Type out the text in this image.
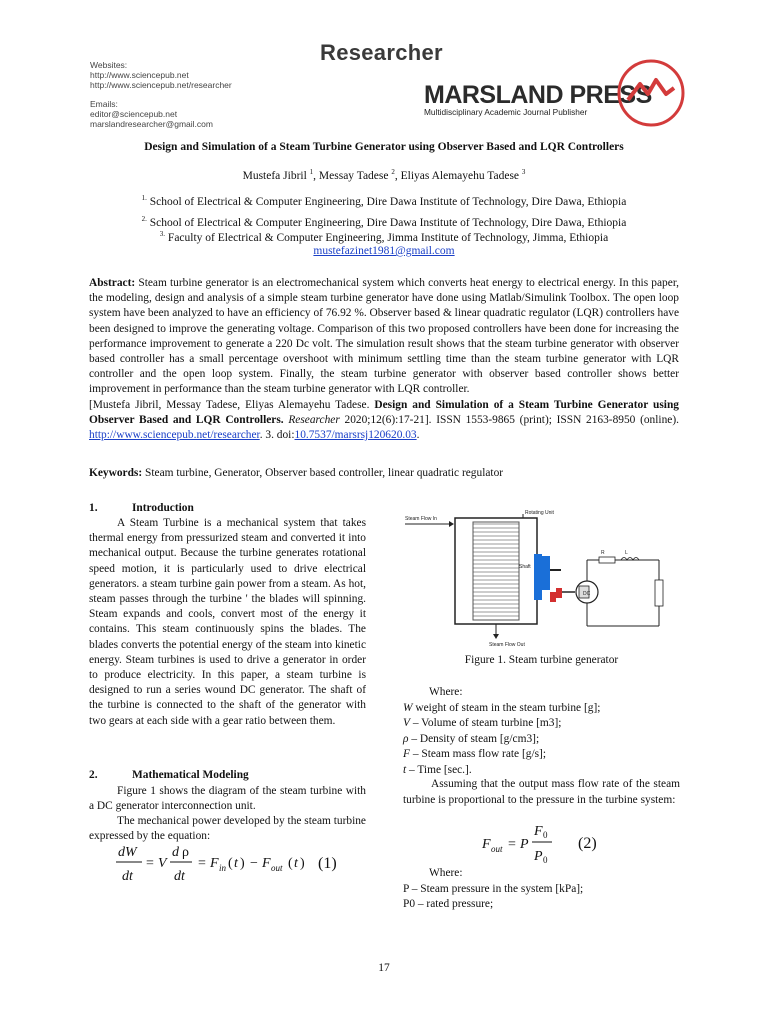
Researcher
Websites:
http://www.sciencepub.net
http://www.sciencepub.net/researcher
Emails:
editor@sciencepub.net
marslandresearcher@gmail.com
MARSLAND PRESS
Multidisciplinary Academic Journal Publisher
Design and Simulation of a Steam Turbine Generator using Observer Based and LQR Controllers
Mustefa Jibril $^1$, Messay Tadese $^2$, Eliyas Alemayehu Tadese $^3$
$^{1.}$ School of Electrical & Computer Engineering, Dire Dawa Institute of Technology, Dire Dawa, Ethiopia
$^{2.}$ School of Electrical & Computer Engineering, Dire Dawa Institute of Technology, Dire Dawa, Ethiopia
$^{3.}$ Faculty of Electrical & Computer Engineering, Jimma Institute of Technology, Jimma, Ethiopia
mustefazinet1981@gmail.com
Abstract: Steam turbine generator is an electromechanical system which converts heat energy to electrical energy. In this paper, the modeling, design and analysis of a simple steam turbine generator have done using Matlab/Simulink Toolbox. The open loop system have been analyzed to have an efficiency of 76.92 %. Observer based & linear quadratic regulator (LQR) controllers have been designed to improve the generating voltage. Comparison of this two proposed controllers have been done for increasing the performance improvement to generate a 220 Dc volt. The simulation result shows that the steam turbine generator with observer based controller has a small percentage overshoot with minimum settling time than the steam turbine generator with LQR controller and the open loop system. Finally, the steam turbine generator with observer based controller shows better improvement in performance than the steam turbine generator with LQR controller.
[Mustefa Jibril, Messay Tadese, Eliyas Alemayehu Tadese. Design and Simulation of a Steam Turbine Generator using Observer Based and LQR Controllers. Researcher 2020;12(6):17-21]. ISSN 1553-9865 (print); ISSN 2163-8950 (online). http://www.sciencepub.net/researcher. 3. doi:10.7537/marsrsj120620.03.
Keywords: Steam turbine, Generator, Observer based controller, linear quadratic regulator
1.	Introduction
A Steam Turbine is a mechanical system that takes thermal energy from pressurized steam and converted it into mechanical output. Because the turbine generates rotational speed motion, it is particularly used to drive electrical generators. a steam turbine gain power from a steam. As hot, steam passes through the turbine ' the blades will spinning. Steam expands and cools, convert most of the energy it contains. This steam continuously spins the blades. The blades converts the potential energy of the steam into kinetic energy. Steam turbines is used to drive a generator in order to produce electricity. In this paper, a steam turbine is designed to run a series wound DC generator. The shaft of the turbine is connected to the shaft of the generator with two gears at each side with a gear ratio between them.
2.	Mathematical Modeling
Figure 1 shows the diagram of the steam turbine with a DC generator interconnection unit.
The mechanical power developed by the steam turbine expressed by the equation:
dW
dt
= V
d ρ
dt
= F in ( t ) − F out ( t ) (1)
DC
R	L
Steam Flow In
Rotating Unit
Shaft
Steam Flow Out
Figure 1. Steam turbine generator
Where:
W weight of steam in the steam turbine [g];
V – Volume of steam turbine [m3];
ρ – Density of steam [g/cm3];
F – Steam mass flow rate [g/s];
t – Time [sec.].
Assuming that the output mass flow rate of the steam turbine is proportional to the pressure in the turbine system:
F out = P
F 0
P 0
(2)
Where:
P – Steam pressure in the system [kPa];
P0 – rated pressure;
17
